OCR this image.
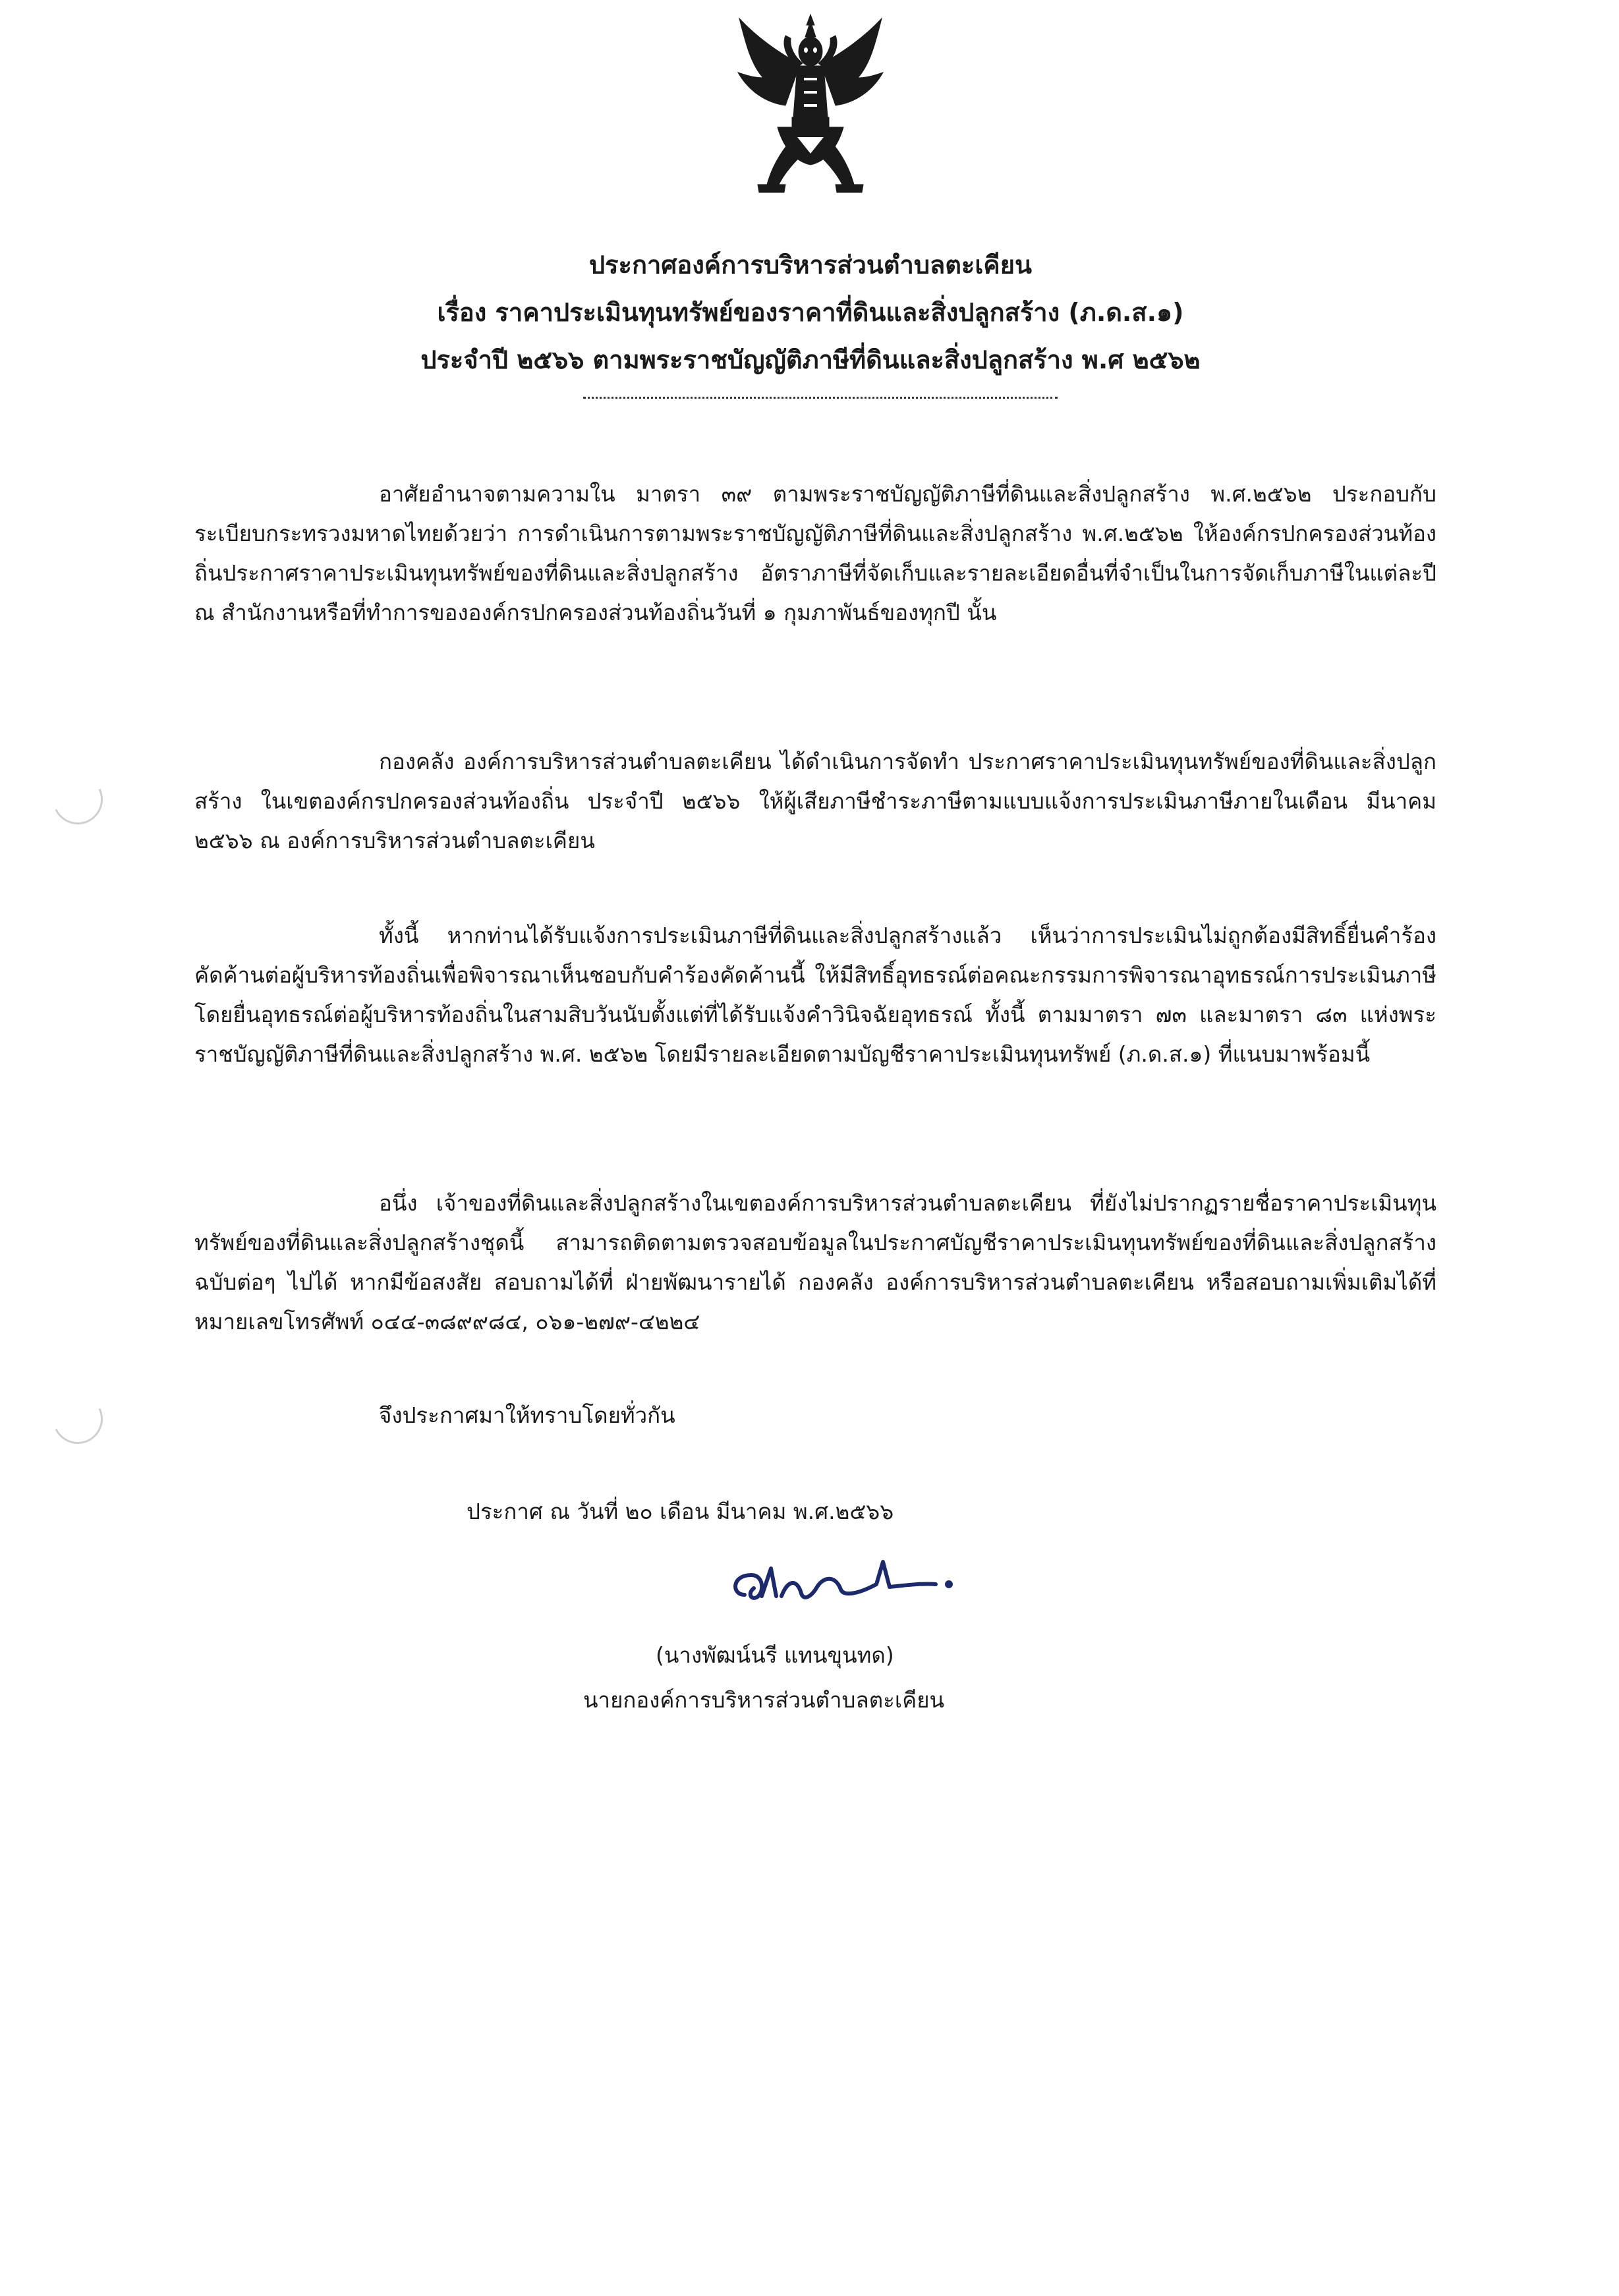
ประกาศองค์การบริหารส่วนตำบลตะเคียน
เรื่อง ราคาประเมินทุนทรัพย์ของราคาที่ดินและสิ่งปลูกสร้าง (ภ.ด.ส.๑)
ประจำปี ๒๕๖๖ ตามพระราชบัญญัติภาษีที่ดินและสิ่งปลูกสร้าง พ.ศ ๒๕๖๒
อาศัยอำนาจตามความใน มาตรา ๓๙ ตามพระราชบัญญัติภาษีที่ดินและสิ่งปลูกสร้าง พ.ศ.๒๕๖๒ ประกอบกับระเบียบกระทรวงมหาดไทยด้วยว่า การดำเนินการตามพระราชบัญญัติภาษีที่ดินและสิ่งปลูกสร้าง พ.ศ.๒๕๖๒ ให้องค์กรปกครองส่วนท้องถิ่นประกาศราคาประเมินทุนทรัพย์ของที่ดินและสิ่งปลูกสร้าง อัตราภาษีที่จัดเก็บและรายละเอียดอื่นที่จำเป็นในการจัดเก็บภาษีในแต่ละปี ณ สำนักงานหรือที่ทำการขององค์กรปกครองส่วนท้องถิ่นวันที่ ๑ กุมภาพันธ์ของทุกปี นั้น
กองคลัง องค์การบริหารส่วนตำบลตะเคียน ได้ดำเนินการจัดทำ ประกาศราคาประเมินทุนทรัพย์ของที่ดินและสิ่งปลูกสร้าง ในเขตองค์กรปกครองส่วนท้องถิ่น ประจำปี ๒๕๖๖ ให้ผู้เสียภาษีชำระภาษีตามแบบแจ้งการประเมินภาษีภายในเดือน มีนาคม ๒๕๖๖ ณ องค์การบริหารส่วนตำบลตะเคียน
ทั้งนี้ หากท่านได้รับแจ้งการประเมินภาษีที่ดินและสิ่งปลูกสร้างแล้ว เห็นว่าการประเมินไม่ถูกต้องมีสิทธิ์ยื่นคำร้องคัดค้านต่อผู้บริหารท้องถิ่นเพื่อพิจารณาเห็นชอบกับคำร้องคัดค้านนี้ ให้มีสิทธิ์อุทธรณ์ต่อคณะกรรมการพิจารณาอุทธรณ์การประเมินภาษี โดยยื่นอุทธรณ์ต่อผู้บริหารท้องถิ่นในสามสิบวันนับตั้งแต่ที่ได้รับแจ้งคำวินิจฉัยอุทธรณ์ ทั้งนี้ ตามมาตรา ๗๓ และมาตรา ๘๓ แห่งพระราชบัญญัติภาษีที่ดินและสิ่งปลูกสร้าง พ.ศ. ๒๕๖๒ โดยมีรายละเอียดตามบัญชีราคาประเมินทุนทรัพย์ (ภ.ด.ส.๑) ที่แนบมาพร้อมนี้
อนึ่ง เจ้าของที่ดินและสิ่งปลูกสร้างในเขตองค์การบริหารส่วนตำบลตะเคียน ที่ยังไม่ปรากฏรายชื่อราคาประเมินทุนทรัพย์ของที่ดินและสิ่งปลูกสร้างชุดนี้ สามารถติดตามตรวจสอบข้อมูลในประกาศบัญชีราคาประเมินทุนทรัพย์ของที่ดินและสิ่งปลูกสร้าง ฉบับต่อๆ ไปได้ หากมีข้อสงสัย สอบถามได้ที่ ฝ่ายพัฒนารายได้ กองคลัง องค์การบริหารส่วนตำบลตะเคียน หรือสอบถามเพิ่มเติมได้ที่หมายเลขโทรศัพท์ ๐๔๔-๓๘๙๙๘๔, ๐๖๑-๒๗๙-๔๒๒๔
จึงประกาศมาให้ทราบโดยทั่วกัน
ประกาศ ณ วันที่ ๒๐ เดือน มีนาคม พ.ศ.๒๕๖๖
(นางพัฒน์นรี แทนขุนทด)
นายกองค์การบริหารส่วนตำบลตะเคียน
